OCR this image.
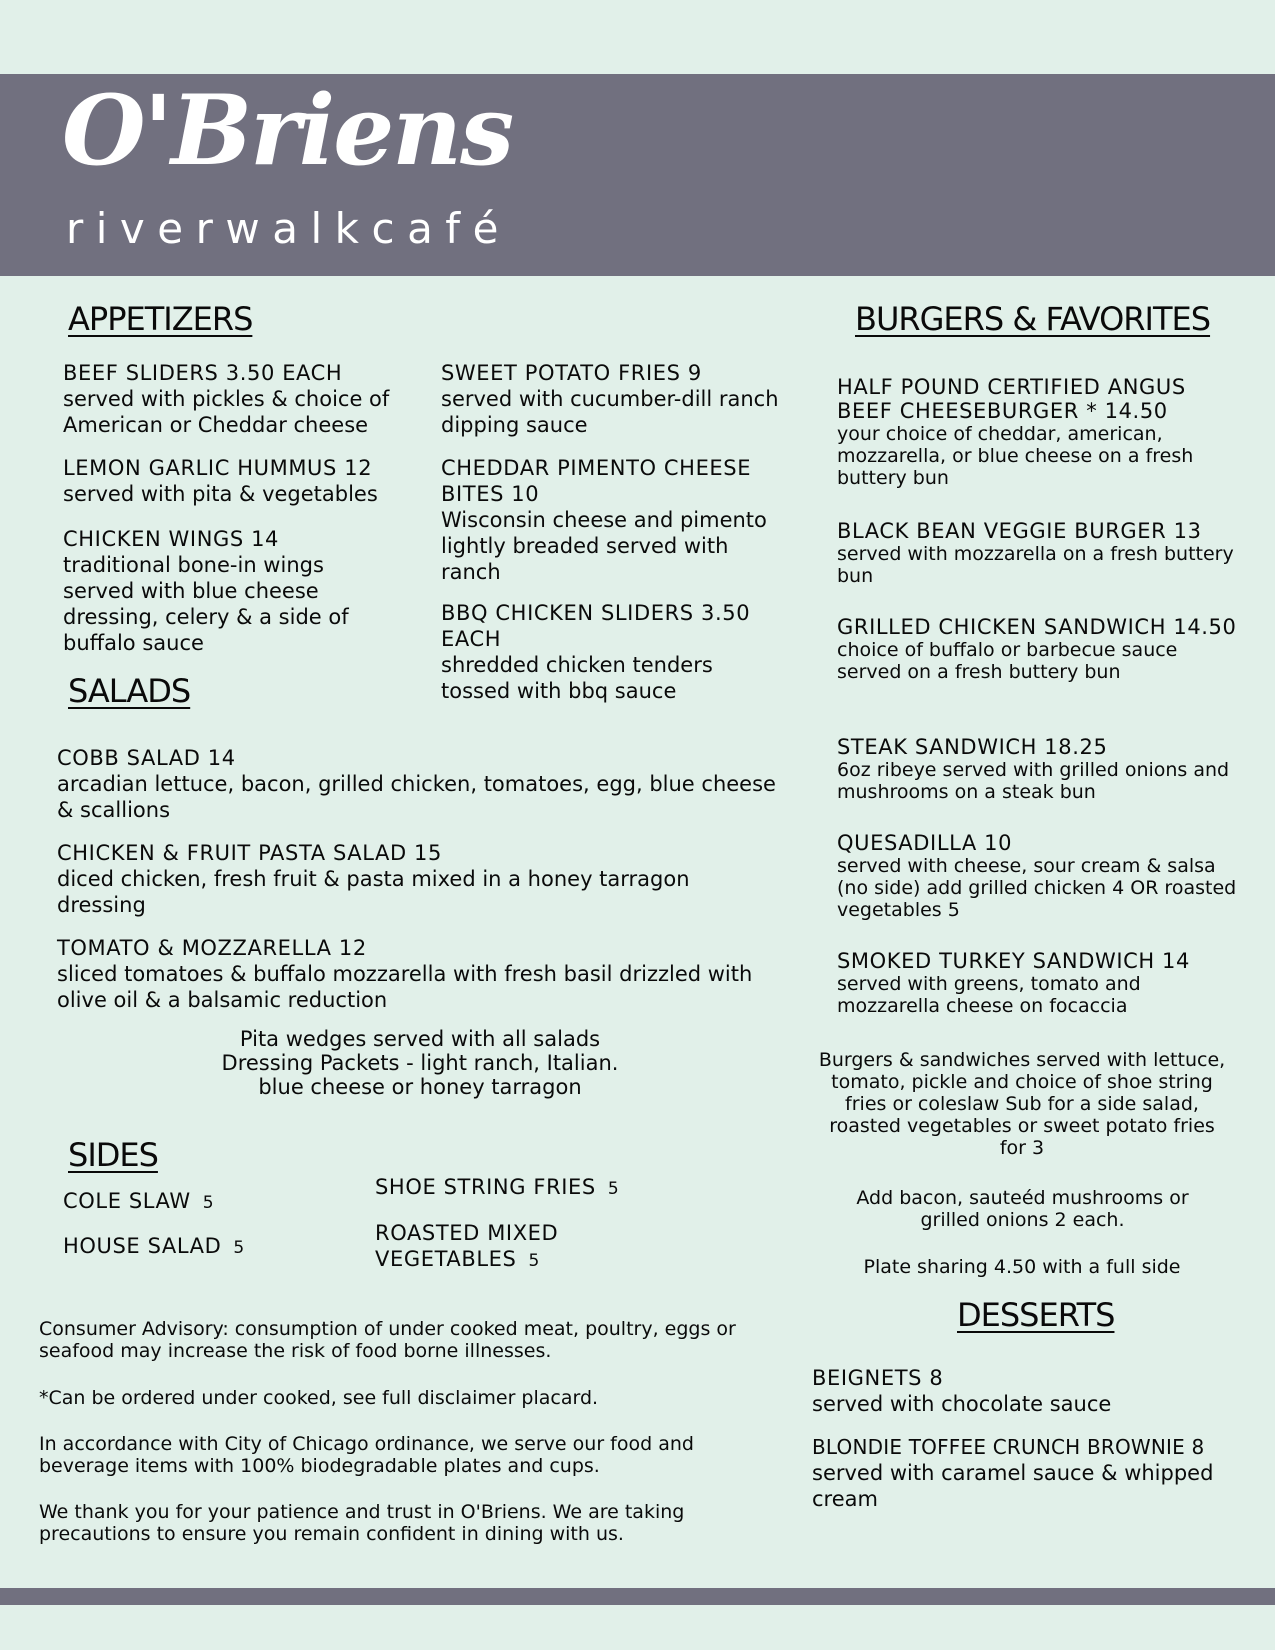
O'Briens
riverwalkcafé
APPETIZERS
BEEF SLIDERS 3.50 EACH
served with pickles & choice of American or Cheddar cheese
LEMON GARLIC HUMMUS 12
served with pita & vegetables
CHICKEN WINGS 14
traditional bone-in wings served with blue cheese dressing, celery & a side of buffalo sauce
SWEET POTATO FRIES 9
served with cucumber-dill ranch dipping sauce
CHEDDAR PIMENTO CHEESE BITES 10
Wisconsin cheese and pimento lightly breaded served with ranch
BBQ CHICKEN SLIDERS 3.50 EACH
shredded chicken tenders tossed with bbq sauce
SALADS
COBB SALAD 14
arcadian lettuce, bacon, grilled chicken, tomatoes, egg, blue cheese & scallions
CHICKEN & FRUIT PASTA SALAD 15
diced chicken, fresh fruit & pasta mixed in a honey tarragon dressing
TOMATO & MOZZARELLA 12
sliced tomatoes & buffalo mozzarella with fresh basil drizzled with olive oil & a balsamic reduction
Pita wedges served with all salads
Dressing Packets - light ranch, Italian.
blue cheese or honey tarragon
SIDES
COLE SLAW 5
HOUSE SALAD 5
SHOE STRING FRIES 5
ROASTED MIXED
VEGETABLES 5
Consumer Advisory: consumption of under cooked meat, poultry, eggs or seafood may increase the risk of food borne illnesses.
*Can be ordered under cooked, see full disclaimer placard.
In accordance with City of Chicago ordinance, we serve our food and beverage items with 100% biodegradable plates and cups.
We thank you for your patience and trust in O'Briens. We are taking precautions to ensure you remain confident in dining with us.
BURGERS & FAVORITES
HALF POUND CERTIFIED ANGUS BEEF CHEESEBURGER * 14.50
your choice of cheddar, american, mozzarella, or blue cheese on a fresh buttery bun
BLACK BEAN VEGGIE BURGER 13
served with mozzarella on a fresh buttery bun
GRILLED CHICKEN SANDWICH 14.50
choice of buffalo or barbecue sauce served on a fresh buttery bun
STEAK SANDWICH 18.25
6oz ribeye served with grilled onions and mushrooms on a steak bun
QUESADILLA 10
served with cheese, sour cream & salsa (no side) add grilled chicken 4 OR roasted vegetables 5
SMOKED TURKEY SANDWICH 14
served with greens, tomato and mozzarella cheese on focaccia
Burgers & sandwiches served with lettuce, tomato, pickle and choice of shoe string fries or coleslaw Sub for a side salad, roasted vegetables or sweet potato fries for 3
Add bacon, sauteéd mushrooms or grilled onions 2 each.
Plate sharing 4.50 with a full side
DESSERTS
BEIGNETS 8
served with chocolate sauce
BLONDIE TOFFEE CRUNCH BROWNIE 8
served with caramel sauce & whipped cream
